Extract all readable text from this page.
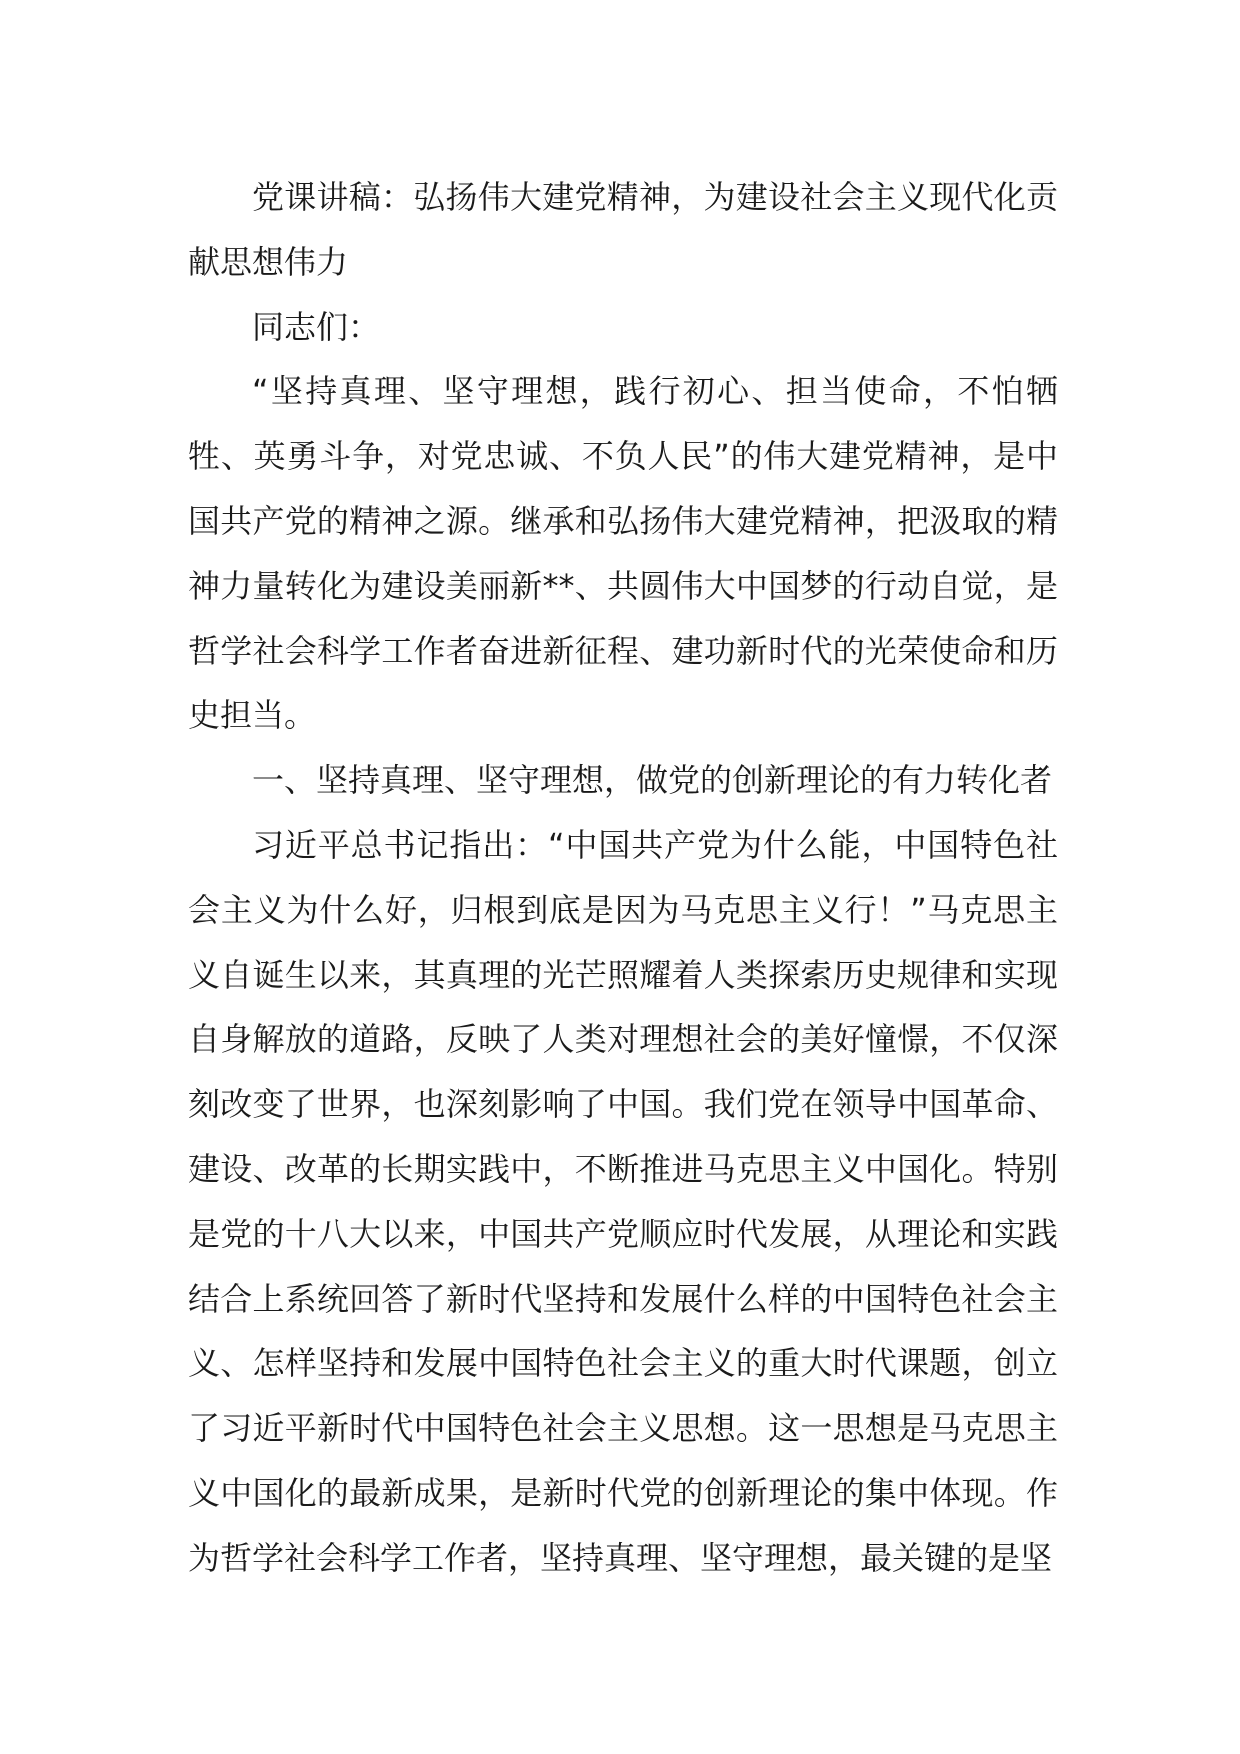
党课讲稿：弘扬伟大建党精神，为建设社会主义现代化贡献思想伟力

同志们：

“坚持真理、坚守理想，践行初心、担当使命，不怕牺牲、英勇斗争，对党忠诚、不负人民”的伟大建党精神，是中国共产党的精神之源。继承和弘扬伟大建党精神，把汲取的精神力量转化为建设美丽新**、共圆伟大中国梦的行动自觉，是哲学社会科学工作者奋进新征程、建功新时代的光荣使命和历史担当。

一、坚持真理、坚守理想，做党的创新理论的有力转化者

习近平总书记指出：“中国共产党为什么能，中国特色社会主义为什么好，归根到底是因为马克思主义行！”马克思主义自诞生以来，其真理的光芒照耀着人类探索历史规律和实现自身解放的道路，反映了人类对理想社会的美好憧憬，不仅深刻改变了世界，也深刻影响了中国。我们党在领导中国革命、建设、改革的长期实践中，不断推进马克思主义中国化。特别是党的十八大以来，中国共产党顺应时代发展，从理论和实践结合上系统回答了新时代坚持和发展什么样的中国特色社会主义、怎样坚持和发展中国特色社会主义的重大时代课题，创立了习近平新时代中国特色社会主义思想。这一思想是马克思主义中国化的最新成果，是新时代党的创新理论的集中体现。作为哲学社会科学工作者，坚持真理、坚守理想，最关键的是坚
